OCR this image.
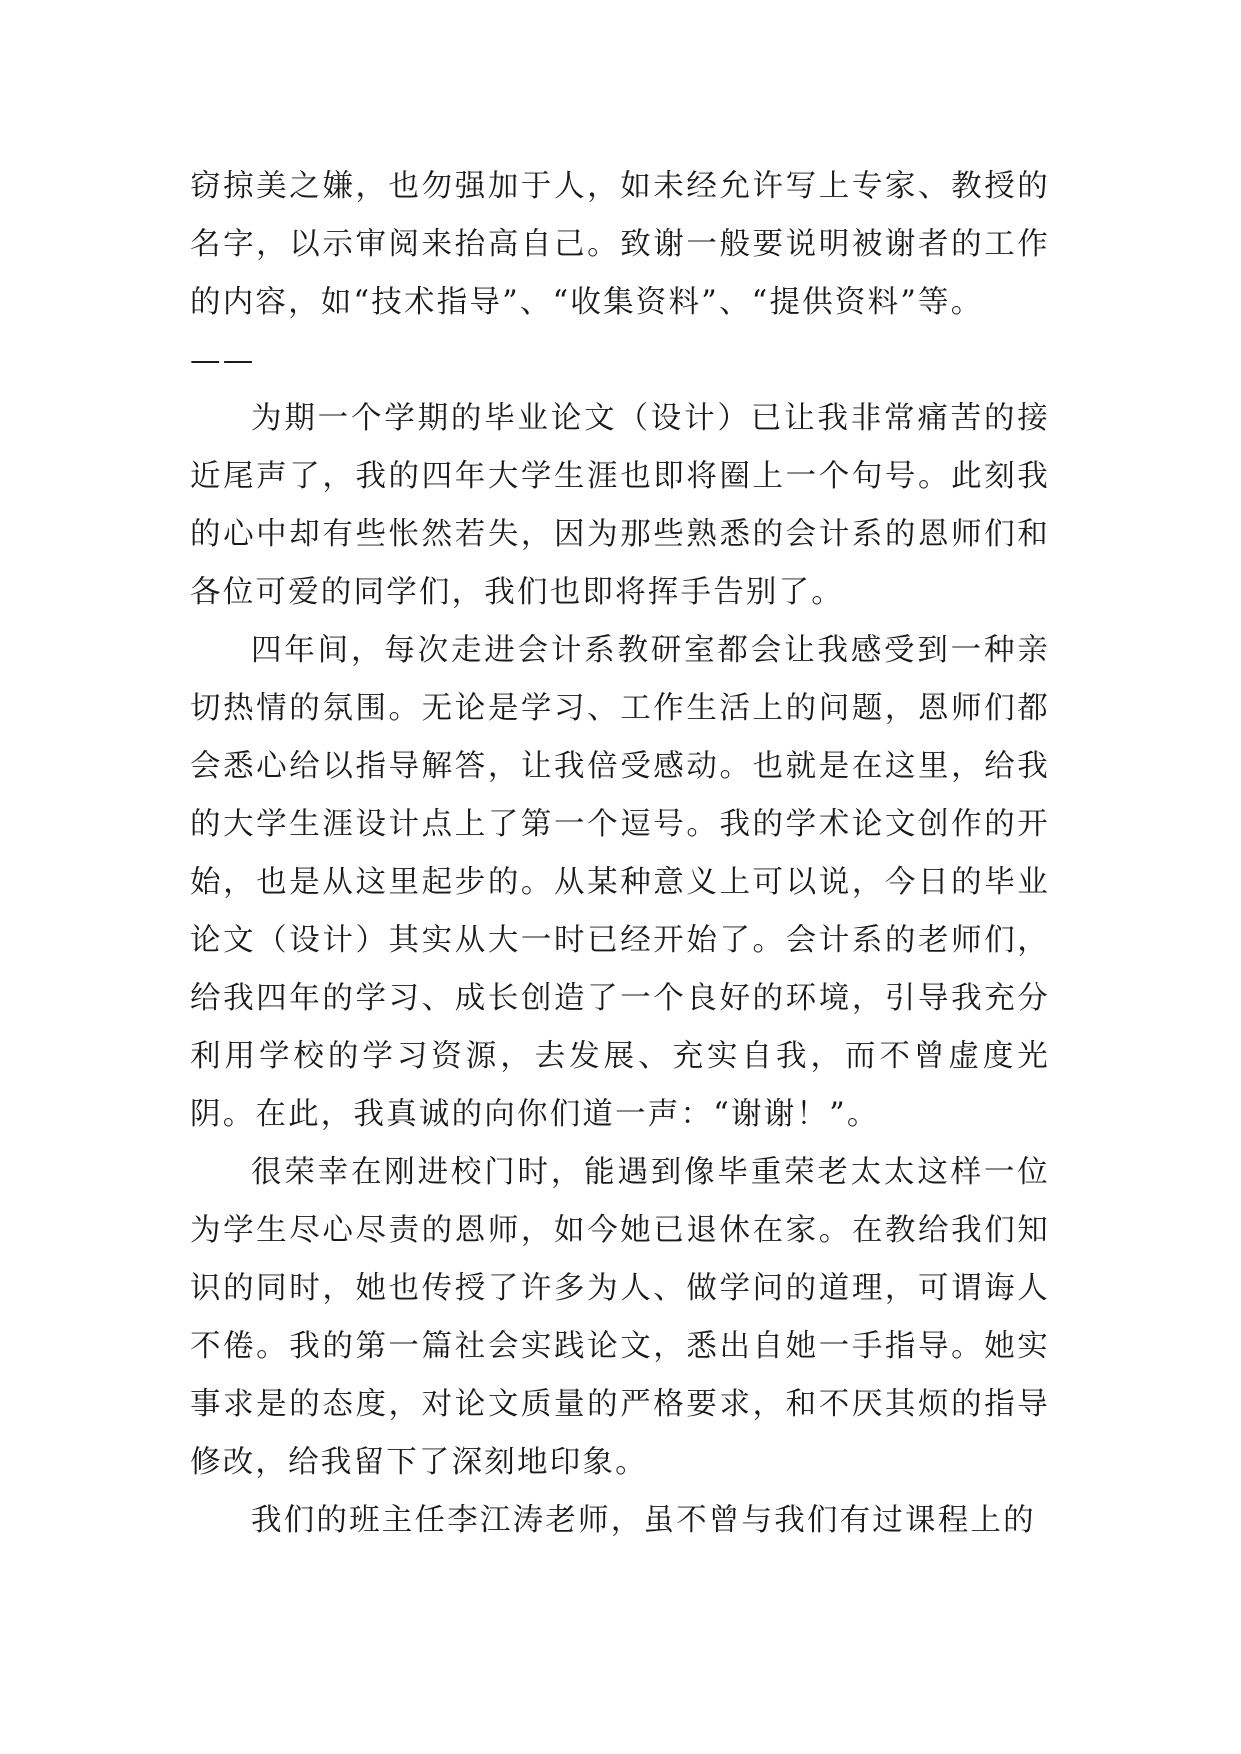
窃掠美之嫌，也勿强加于人，如未经允许写上专家、教授的名字，以示审阅来抬高自己。致谢一般要说明被谢者的工作的内容，如“技术指导”、“收集资料”、“提供资料”等。

——

为期一个学期的毕业论文（设计）已让我非常痛苦的接近尾声了，我的四年大学生涯也即将圈上一个句号。此刻我的心中却有些怅然若失，因为那些熟悉的会计系的恩师们和各位可爱的同学们，我们也即将挥手告别了。

四年间，每次走进会计系教研室都会让我感受到一种亲切热情的氛围。无论是学习、工作生活上的问题，恩师们都会悉心给以指导解答，让我倍受感动。也就是在这里，给我的大学生涯设计点上了第一个逗号。我的学术论文创作的开始，也是从这里起步的。从某种意义上可以说，今日的毕业论文（设计）其实从大一时已经开始了。会计系的老师们，给我四年的学习、成长创造了一个良好的环境，引导我充分利用学校的学习资源，去发展、充实自我，而不曾虚度光阴。在此，我真诚的向你们道一声：“谢谢！”。

很荣幸在刚进校门时，能遇到像毕重荣老太太这样一位为学生尽心尽责的恩师，如今她已退休在家。在教给我们知识的同时，她也传授了许多为人、做学问的道理，可谓诲人不倦。我的第一篇社会实践论文，悉出自她一手指导。她实事求是的态度，对论文质量的严格要求，和不厌其烦的指导修改，给我留下了深刻地印象。

我们的班主任李江涛老师，虽不曾与我们有过课程上的
